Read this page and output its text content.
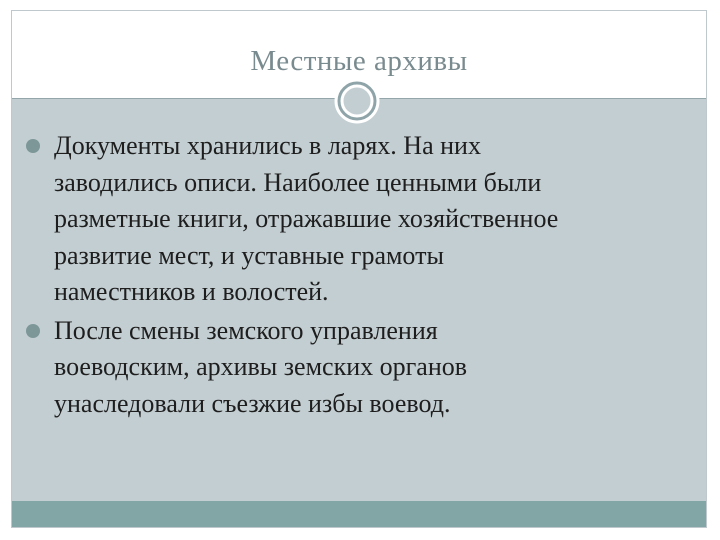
Местные архивы
Документы хранились в ларях. На них
заводились описи. Наиболее ценными были
разметные книги, отражавшие хозяйственное
развитие мест, и уставные грамоты
наместников и волостей.
После смены земского управления
воеводским, архивы земских органов
унаследовали съезжие избы воевод.
